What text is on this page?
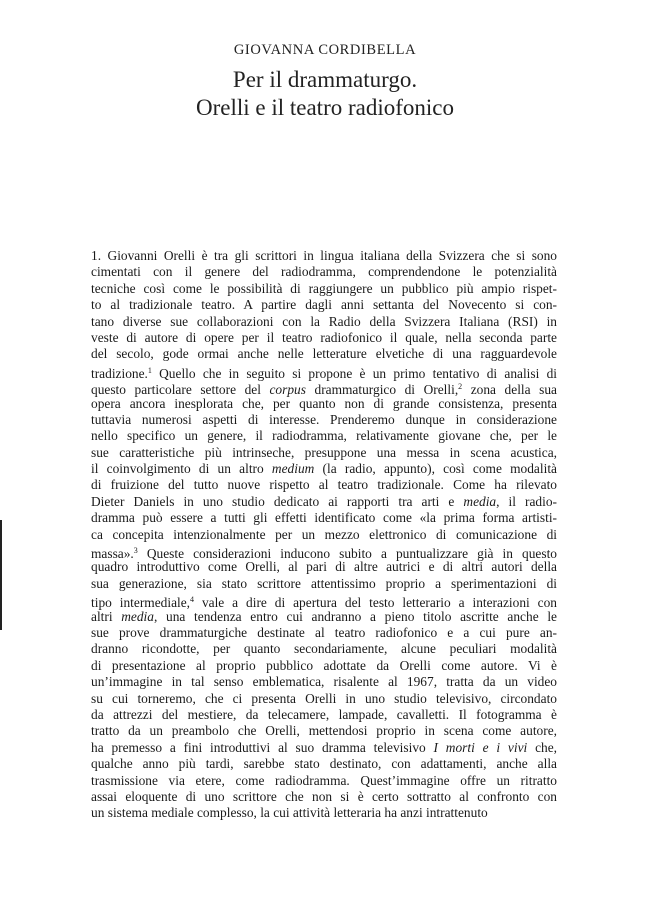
GIOVANNA CORDIBELLA
Per il drammaturgo.
Orelli e il teatro radiofonico
1. Giovanni Orelli è tra gli scrittori in lingua italiana della Svizzera che si sono
cimentati con il genere del radiodramma, comprendendone le potenzialità
tecniche così come le possibilità di raggiungere un pubblico più ampio rispet-
to al tradizionale teatro. A partire dagli anni settanta del Novecento si con-
tano diverse sue collaborazioni con la Radio della Svizzera Italiana (RSI) in
veste di autore di opere per il teatro radiofonico il quale, nella seconda parte
del secolo, gode ormai anche nelle letterature elvetiche di una ragguardevole
tradizione.$^1$ Quello che in seguito si propone è un primo tentativo di analisi di
questo particolare settore del corpus drammaturgico di Orelli,$^2$ zona della sua
opera ancora inesplorata che, per quanto non di grande consistenza, presenta
tuttavia numerosi aspetti di interesse. Prenderemo dunque in considerazione
nello specifico un genere, il radiodramma, relativamente giovane che, per le
sue caratteristiche più intrinseche, presuppone una messa in scena acustica,
il coinvolgimento di un altro medium (la radio, appunto), così come modalità
di fruizione del tutto nuove rispetto al teatro tradizionale. Come ha rilevato
Dieter Daniels in uno studio dedicato ai rapporti tra arti e media, il radio-
dramma può essere a tutti gli effetti identificato come «la prima forma artisti-
ca concepita intenzionalmente per un mezzo elettronico di comunicazione di
massa».$^3$ Queste considerazioni inducono subito a puntualizzare già in questo
quadro introduttivo come Orelli, al pari di altre autrici e di altri autori della
sua generazione, sia stato scrittore attentissimo proprio a sperimentazioni di
tipo intermediale,$^4$ vale a dire di apertura del testo letterario a interazioni con
altri media, una tendenza entro cui andranno a pieno titolo ascritte anche le
sue prove drammaturgiche destinate al teatro radiofonico e a cui pure an-
dranno ricondotte, per quanto secondariamente, alcune peculiari modalità
di presentazione al proprio pubblico adottate da Orelli come autore. Vi è
un’immagine in tal senso emblematica, risalente al 1967, tratta da un video
su cui torneremo, che ci presenta Orelli in uno studio televisivo, circondato
da attrezzi del mestiere, da telecamere, lampade, cavalletti. Il fotogramma è
tratto da un preambolo che Orelli, mettendosi proprio in scena come autore,
ha premesso a fini introduttivi al suo dramma televisivo I morti e i vivi che,
qualche anno più tardi, sarebbe stato destinato, con adattamenti, anche alla
trasmissione via etere, come radiodramma. Quest’immagine offre un ritratto
assai eloquente di uno scrittore che non si è certo sottratto al confronto con
un sistema mediale complesso, la cui attività letteraria ha anzi intrattenuto
